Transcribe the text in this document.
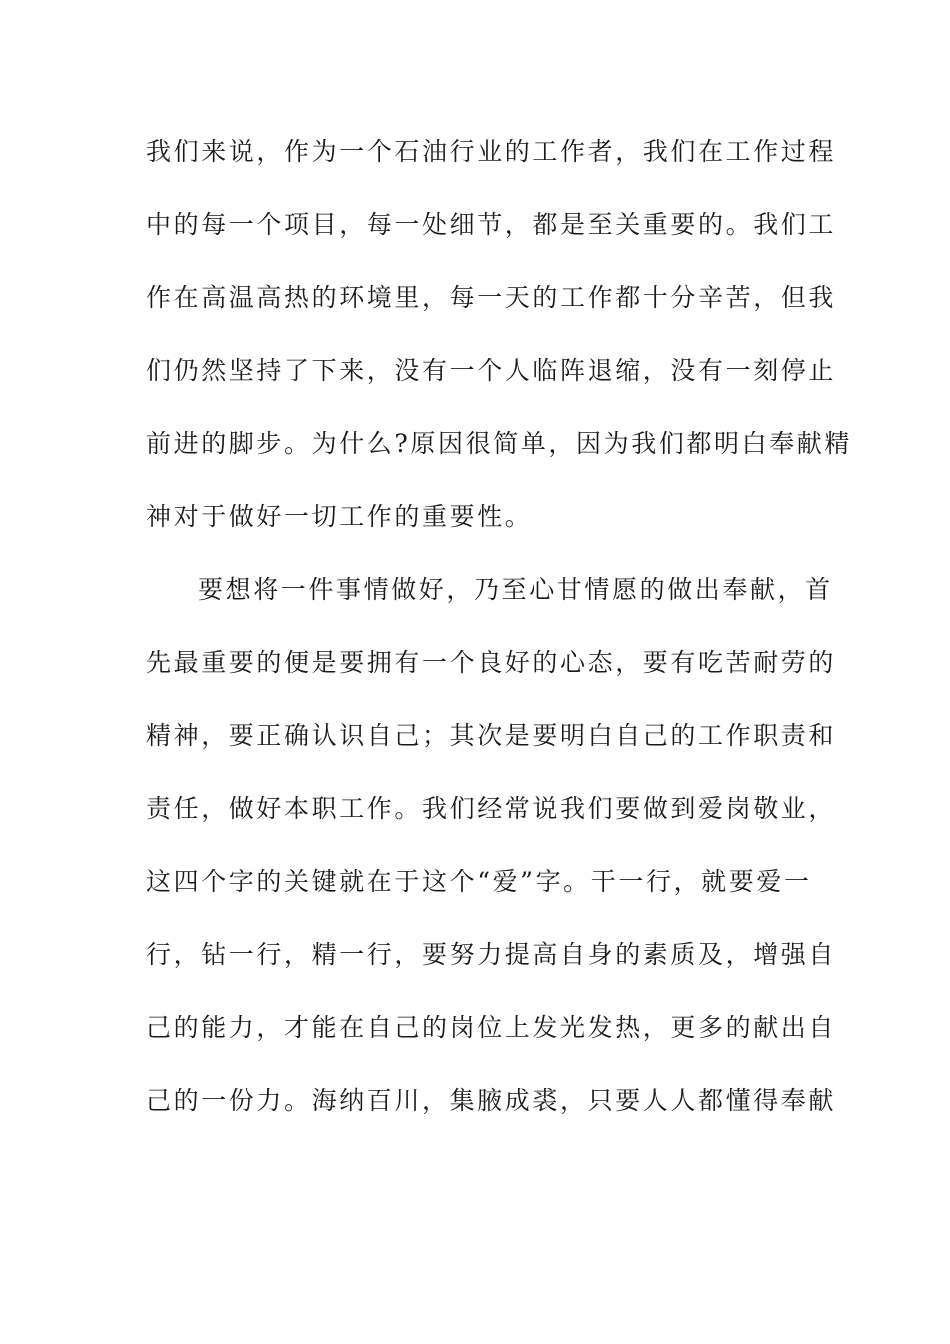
我们来说，作为一个石油行业的工作者，我们在工作过程
中的每一个项目，每一处细节，都是至关重要的。我们工
作在高温高热的环境里，每一天的工作都十分辛苦，但我
们仍然坚持了下来，没有一个人临阵退缩，没有一刻停止
前进的脚步。为什么?原因很简单，因为我们都明白奉献精
神对于做好一切工作的重要性。
要想将一件事情做好，乃至心甘情愿的做出奉献，首
先最重要的便是要拥有一个良好的心态，要有吃苦耐劳的
精神，要正确认识自己；其次是要明白自己的工作职责和
责任，做好本职工作。我们经常说我们要做到爱岗敬业，
这四个字的关键就在于这个“爱”字。干一行，就要爱一
行，钻一行，精一行，要努力提高自身的素质及，增强自
己的能力，才能在自己的岗位上发光发热，更多的献出自
己的一份力。海纳百川，集腋成裘，只要人人都懂得奉献
